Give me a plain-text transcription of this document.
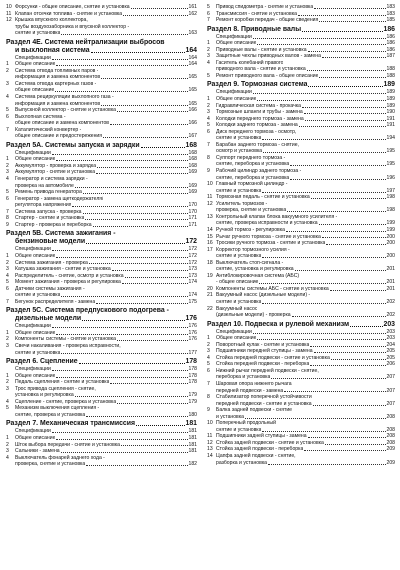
10 Форсунки - общее описание, снятие и установка	161
11 Клапан отсечки топлива - снятие и установка	162
12 Крышка впускного коллектора,
трубы воздухозаборника и впускной коллектор -
снятие и установка	163
Раздел 4E. Система нейтрализации выбросов
и выхлопная система	164
Спецификации	164
1	Общее описание	164
2	Система отвода топливных паров -
информация и замена компонентов	165
3	Система отвода картерных газов -
общее описание	165
4	Система рециркуляции выхлопного газа -
информация и замена компонентов	165
5	Выпускной коллектор - снятие и установка	166
6	Выхлопная система -
общее описание и замена компонентов	166
7	Каталитический конвертер -
общее описание и предостережения	167
Раздел 5A. Системы запуска и зарядки	168
Спецификации	168
1	Общее описание	168
2	Аккумулятор - проверка и зарядка	168
3	Аккумулятор - снятие и установка	169
4	Генератор и система зарядки -
проверка на автомобиле	169
5	Ремень привода генератора	169
6	Генератор - замена щеткодержателя/
регулятора напряжения	170
7	Система запуска - проверка	170
8	Стартер - снятие и установка	171
9	Стартер - проверка и переборка	171
Раздел 5B. Система зажигания -
бензиновые модели	172
Спецификации	172
1	Общее описание	172
2	Система зажигания - проверка	172
3	Катушка зажигания - снятие и установка	173
4	Распределитель - снятие, осмотр и установка	173
5	Момент зажигания - проверка и регулировка	174
6	Датчики системы зажигания -
снятие и установка	174
7	Бегунок распределителя - замена	175
Раздел 5C. Система предпускового подогрева -
дизельные модели	176
Спецификации	176
1	Общее описание	176
2	Компоненты системы - снятие и установка	176
3	Свечи накаливания - проверка исправности,
снятие и установка	177
Раздел 6. Сцепление	178
Спецификации	178
1	Общее описание	178
2	Педаль сцепления - снятие и установка	178
3	Трос привода сцепления - снятие,
установка и регулировка	179
4	Сцепление - снятие, проверка и установка	179
5	Механизм выключения сцепления -
снятие, проверка и установка	180
Раздел 7. Механическая трансмиссия	181
Спецификации	181
1	Общее описание	181
2	Шток выбора передачи - снятие и установка	181
3	Сальники - замена	181
4	Выключатель фонарей заднего хода -
проверка, снятие и установка	182
5	Привод спидометра - снятие и установка	183
6	Трансмиссия - снятие и установка	183
7	Ремонт коробки передач - общие сведения	185
Раздел 8. Приводные валы	186
Спецификации	186
1	Общее описание	186
2	Приводные валы - снятие и установка	186
3	Защитные чехлы приводных валов - замена	187
4	Гаситель колебаний правого
приводного вала - снятие и установка	188
5	Ремонт приводного вала - общее описание	188
Раздел 9. Тормозная система	189
Спецификации	189
1	Общее описание	189
2	Гидравлическая система - прокачка	189
3	Тормозные шланги и трубы - замена	190
4	Колодки переднего тормоза - замена	191
5	Колодки заднего тормоза - замена	191
6	Диск переднего тормоза - осмотр,
снятие и установка	194
7	Барабан заднего тормоза - снятие,
осмотр и установка	195
8	Суппорт переднего тормоза -
снятие, переборка и установка	195
9	Рабочий цилиндр заднего тормоза -
снятие, переборка и установка	196
10 Главный тормозной цилиндр -
снятие и установка	197
11 Тормозная педаль - снятие и установка	198
12 Усилитель тормозов -
проверка, снятие и установка	198
13 Контрольный клапан блока вакуумного усилителя -
снятие, проверка исправности и установка	199
14 Ручной тормоз - регулировка	199
15 Рычаг ручного тормоза - снятие и установка	200
16 Тросики ручного тормоза - снятие и установка	200
17 Корректор тормозного усилия -
снятие и установка	200
18 Выключатель стоп-сигнала -
снятие, установка и регулировка	201
19 Антиблокировочная система (АБС)
- общее описание	201
20 Компоненты системы АБС - снятие и установка	201
21 Вакуумный насос (дизельные модели) -
снятие и установка	202
22 Вакуумный насос
(дизельные модели) - проверка	202
Раздел 10. Подвеска и рулевой механизм	203
Спецификации	203
1	Общее описание	203
2	Поворотный кулак - снятие и установка	204
3	Подшипники передней ступицы - замена	205
4	Стойка передней подвески - снятие и установка	205
5	Стойка передней подвески - переборка	206
6	Нижний рычаг передней подвески - снятие,
переборка и установка	207
7	Шаровая опора нижнего рычага
передней подвески - замена	207
8	Стабилизатор поперечной устойчивости
передней подвески - снятие и установка	207
9	Балка задней подвески - снятие
и установка	208
10 Поперечный продольный
снятие и установка	208
11 Подшипники задней ступицы - замена	208
12 Стойка задней подвески - снятие и установка	208
13 Стойка задней подвески - переборка	209
14 Цапфа задней подвески - снятие,
разборка и установка	209
